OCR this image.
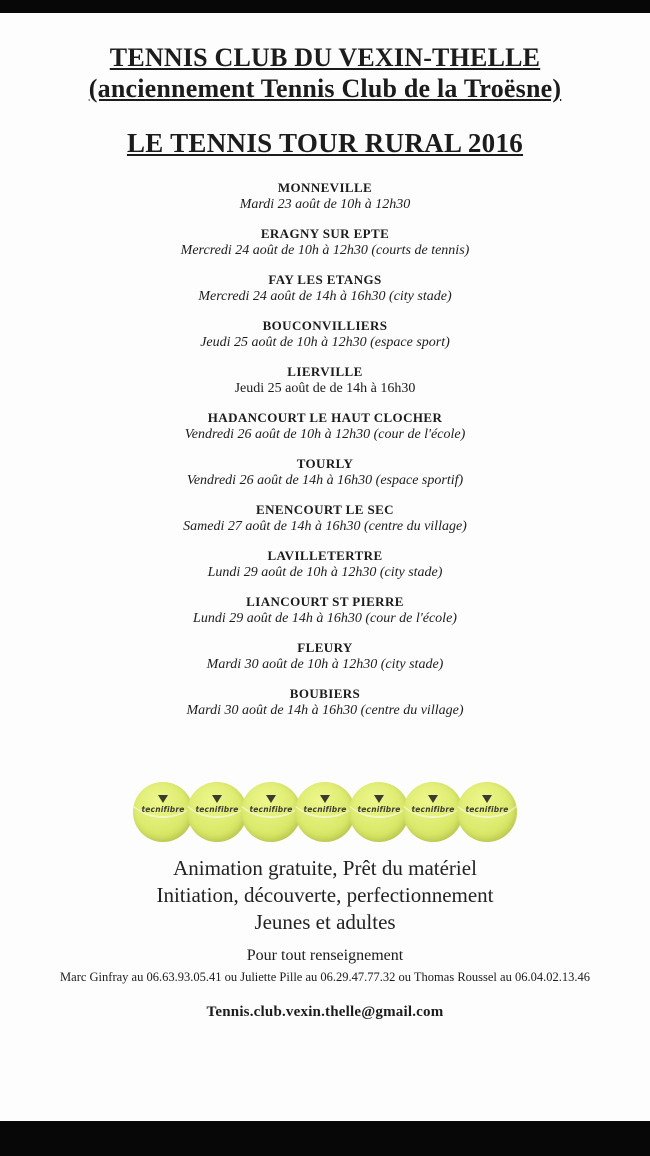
TENNIS CLUB DU VEXIN-THELLE
(anciennement Tennis Club de la Troësne)
LE TENNIS TOUR RURAL 2016
MONNEVILLE
Mardi 23 août de 10h à 12h30
ERAGNY SUR EPTE
Mercredi 24 août de 10h à 12h30 (courts de tennis)
FAY LES ETANGS
Mercredi 24 août de 14h à 16h30 (city stade)
BOUCONVILLIERS
Jeudi 25 août de 10h à 12h30 (espace sport)
LIERVILLE
Jeudi 25 août de de 14h à 16h30
HADANCOURT LE HAUT CLOCHER
Vendredi 26 août de 10h à 12h30 (cour de l'école)
TOURLY
Vendredi 26 août de 14h à 16h30 (espace sportif)
ENENCOURT LE SEC
Samedi 27 août de 14h à 16h30 (centre du village)
LAVILLETERTRE
Lundi 29 août de 10h à 12h30 (city stade)
LIANCOURT ST PIERRE
Lundi 29 août de 14h à 16h30 (cour de l'école)
FLEURY
Mardi 30 août de 10h à 12h30 (city stade)
BOUBIERS
Mardi 30 août de 14h à 16h30 (centre du village)
tecnifibre tecnifibre tecnifibre tecnifibre tecnifibre tecnifibre tecnifibre
Animation gratuite, Prêt du matériel
Initiation, découverte, perfectionnement
Jeunes et adultes
Pour tout renseignement
Marc Ginfray au 06.63.93.05.41 ou Juliette Pille au 06.29.47.77.32 ou Thomas Roussel au 06.04.02.13.46
Tennis.club.vexin.thelle@gmail.com
